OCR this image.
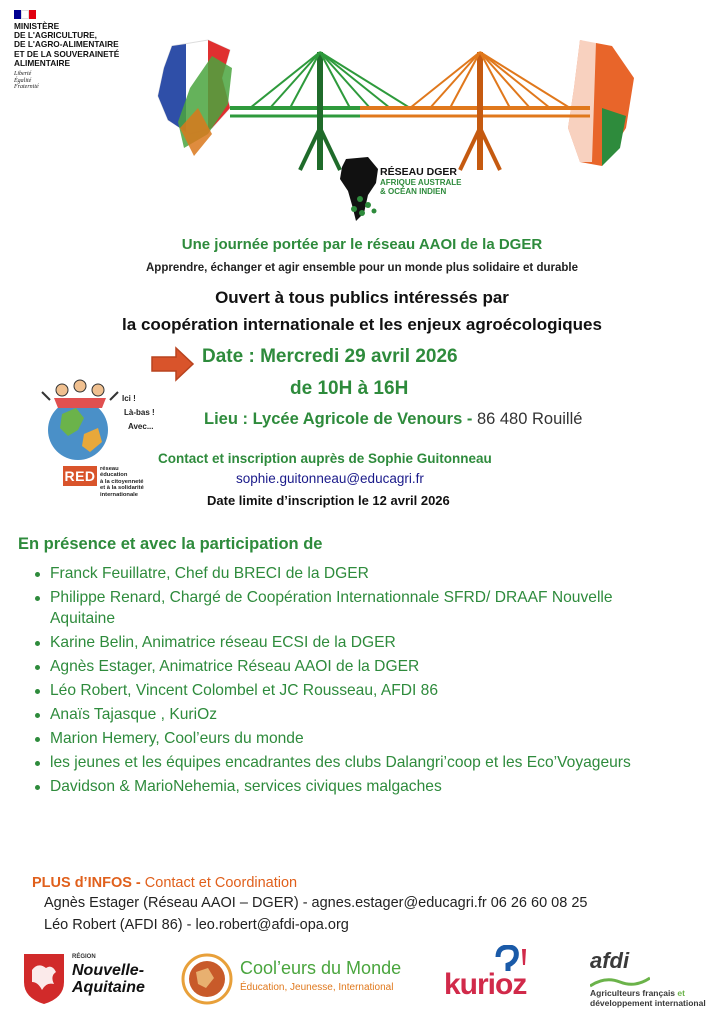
MINISTÈRE
DE L'AGRICULTURE,
DE L'AGRO-ALIMENTAIRE
ET DE LA SOUVERAINETÉ
ALIMENTAIRE
Liberté
Égalité
Fraternité
RÉSEAU DGER
AFRIQUE AUSTRALE
& OCÉAN INDIEN
Une journée portée par le réseau AAOI de la DGER
Apprendre, échanger et agir ensemble pour un monde plus solidaire et durable
Ouvert à tous publics intéressés par
la coopération internationale et les enjeux agroécologiques
Date : Mercredi 29 avril 2026
de 10H à 16H
Lieu : Lycée Agricole de Venours - 86 480 Rouillé
Ici !
Là-bas !
Avec...
RED réseau
éducation
à la citoyenneté
et à la solidarité
internationale
Contact et inscription auprès de Sophie Guitonneau
sophie.guitonneau@educagri.fr
Date limite d’inscription le 12 avril 2026
En présence et avec la participation de
Franck Feuillatre, Chef du BRECI de la DGER
Philippe Renard, Chargé de Coopération Internationnale SFRD/ DRAAF Nouvelle Aquitaine
Karine Belin, Animatrice réseau ECSI de la DGER
Agnès Estager, Animatrice Réseau AAOI de la DGER
Léo Robert, Vincent Colombel et JC Rousseau, AFDI 86
Anaïs Tajasque , KuriOz
Marion Hemery, Cool’eurs du monde
les jeunes et les équipes encadrantes des clubs Dalangri’coop et les Eco’Voyageurs
Davidson & MarioNehemia, services civiques malgaches
PLUS d’INFOS - Contact et Coordination
Agnès Estager (Réseau AAOI – DGER) - agnes.estager@educagri.fr 06 26 60 08 25
Léo Robert (AFDI 86) - leo.robert@afdi-opa.org
RÉGION
Nouvelle-
Aquitaine
Cool’eurs du Monde
Éducation, Jeunesse, International kurioz
afdi
Agriculteurs français et
développement international
